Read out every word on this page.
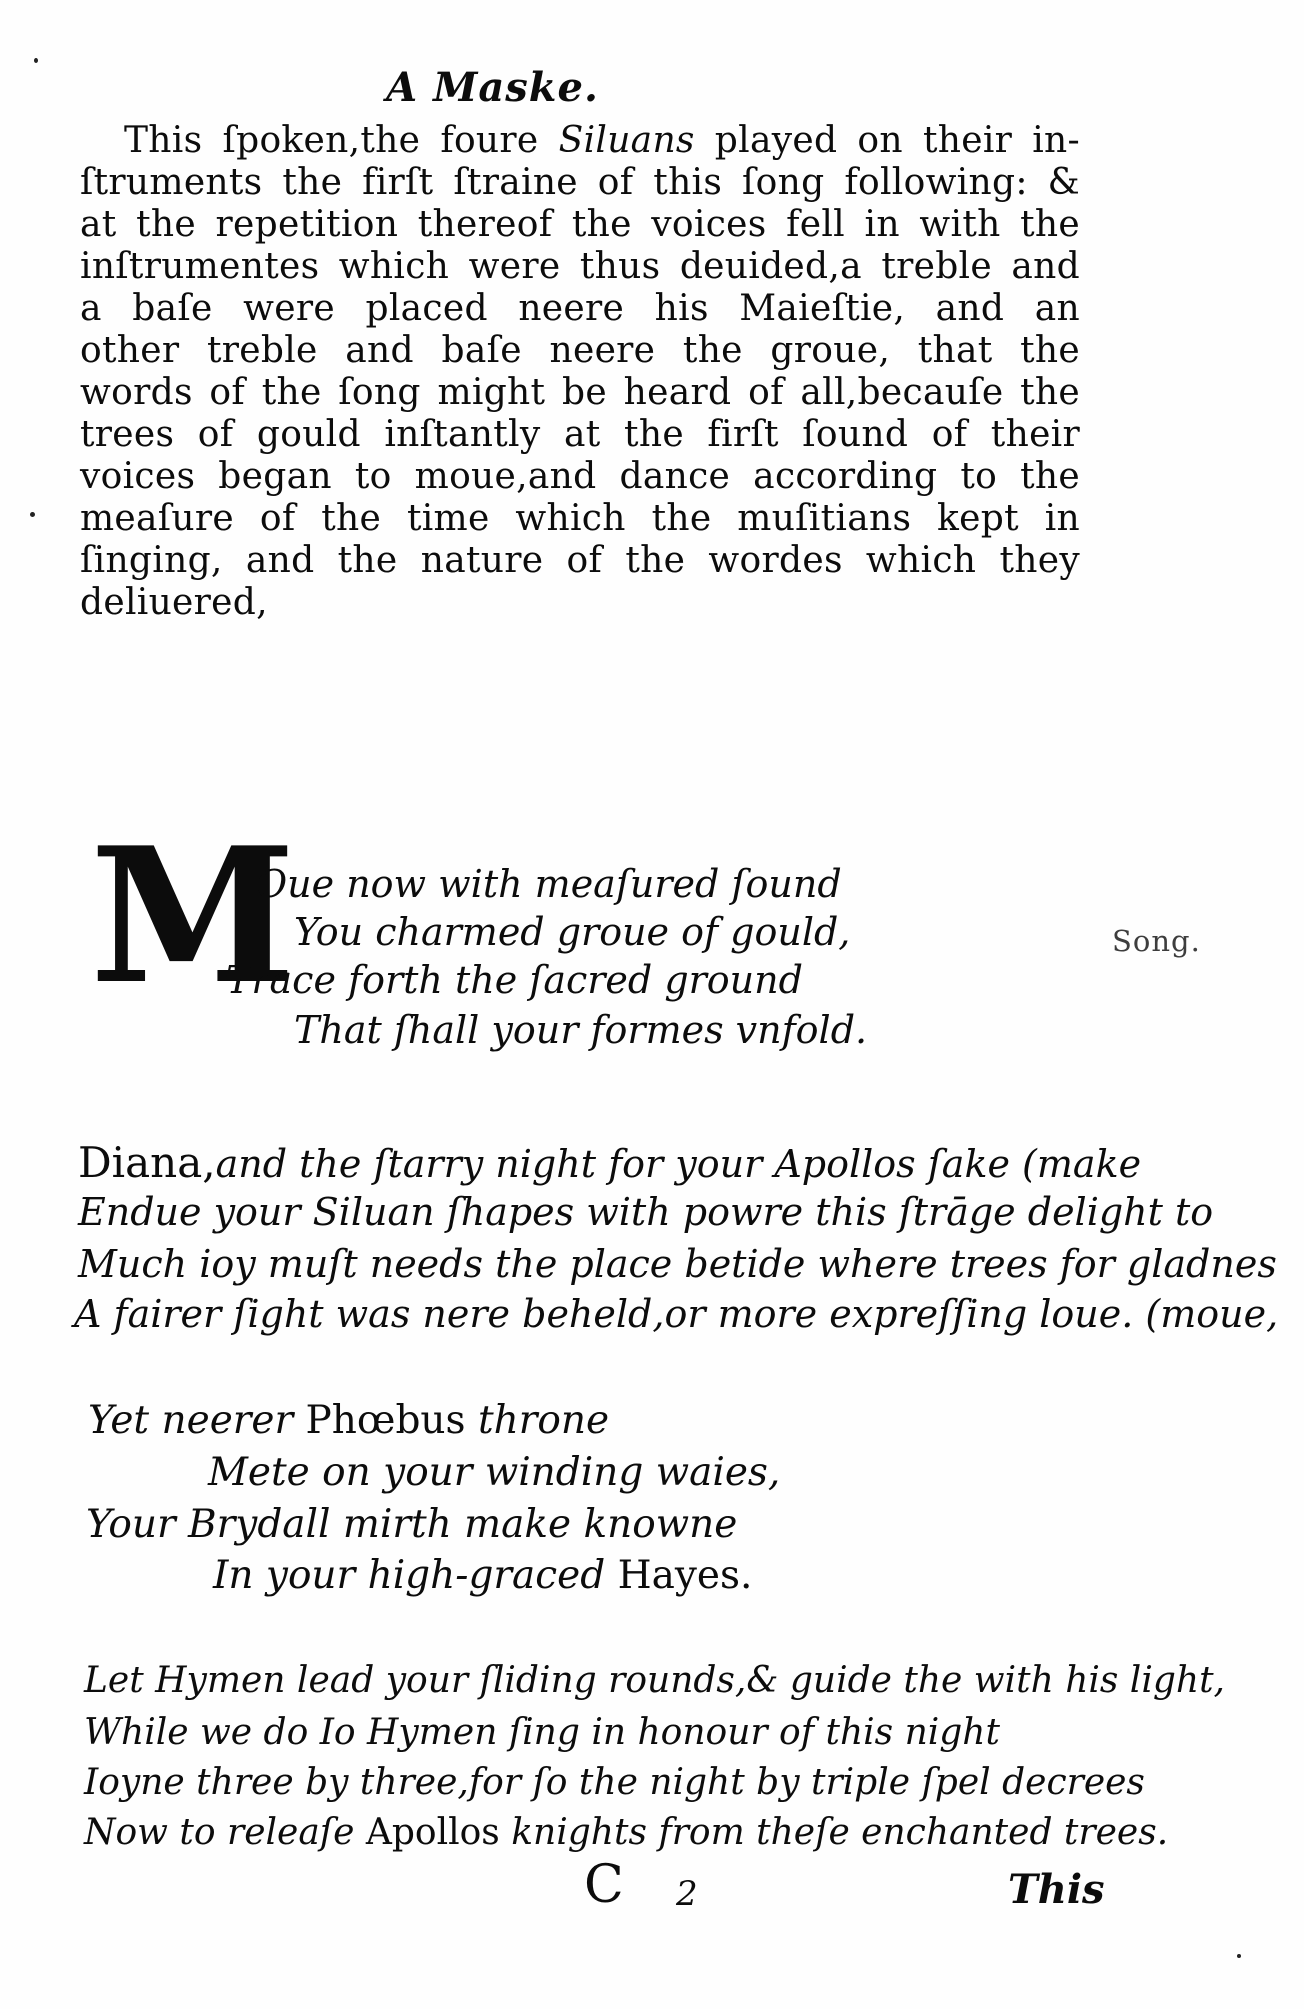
A Maske.
This ſpoken,the foure Siluans played on their in-
ſtruments the firſt ſtraine of this ſong following: &
at the repetition thereof the voices fell in with the
inſtrumentes which were thus deuided,a treble and
a baſe were placed neere his Maieſtie, and an
other treble and baſe neere the groue, that the
words of the ſong might be heard of all,becauſe the
trees of gould inſtantly at the firſt ſound of their
voices began to moue,and dance according to the
meaſure of the time which the muſitians kept in
ſinging, and the nature of the wordes which they
deliuered,
M
Oue now with meaſured ſound
You charmed groue of gould,
Trace forth the ſacred ground
That ſhall your formes vnfold.
Song.
Diana,and the ſtarry night for your Apollos ſake (make
Endue your Siluan ſhapes with powre this ſtrāge delight to
Much ioy muſt needs the place betide where trees for gladnes
A fairer ſight was nere beheld,or more expreſſing loue. (moue,
Yet neerer Phœbus throne
Mete on your winding waies,
Your Brydall mirth make knowne
In your high-graced Hayes.
Let Hymen lead your ſliding rounds,& guide the with his light,
While we do Io Hymen ſing in honour of this night
Ioyne three by three,for ſo the night by triple ſpel decrees
Now to releaſe Apollos knights from theſe enchanted trees.
C 2	This
